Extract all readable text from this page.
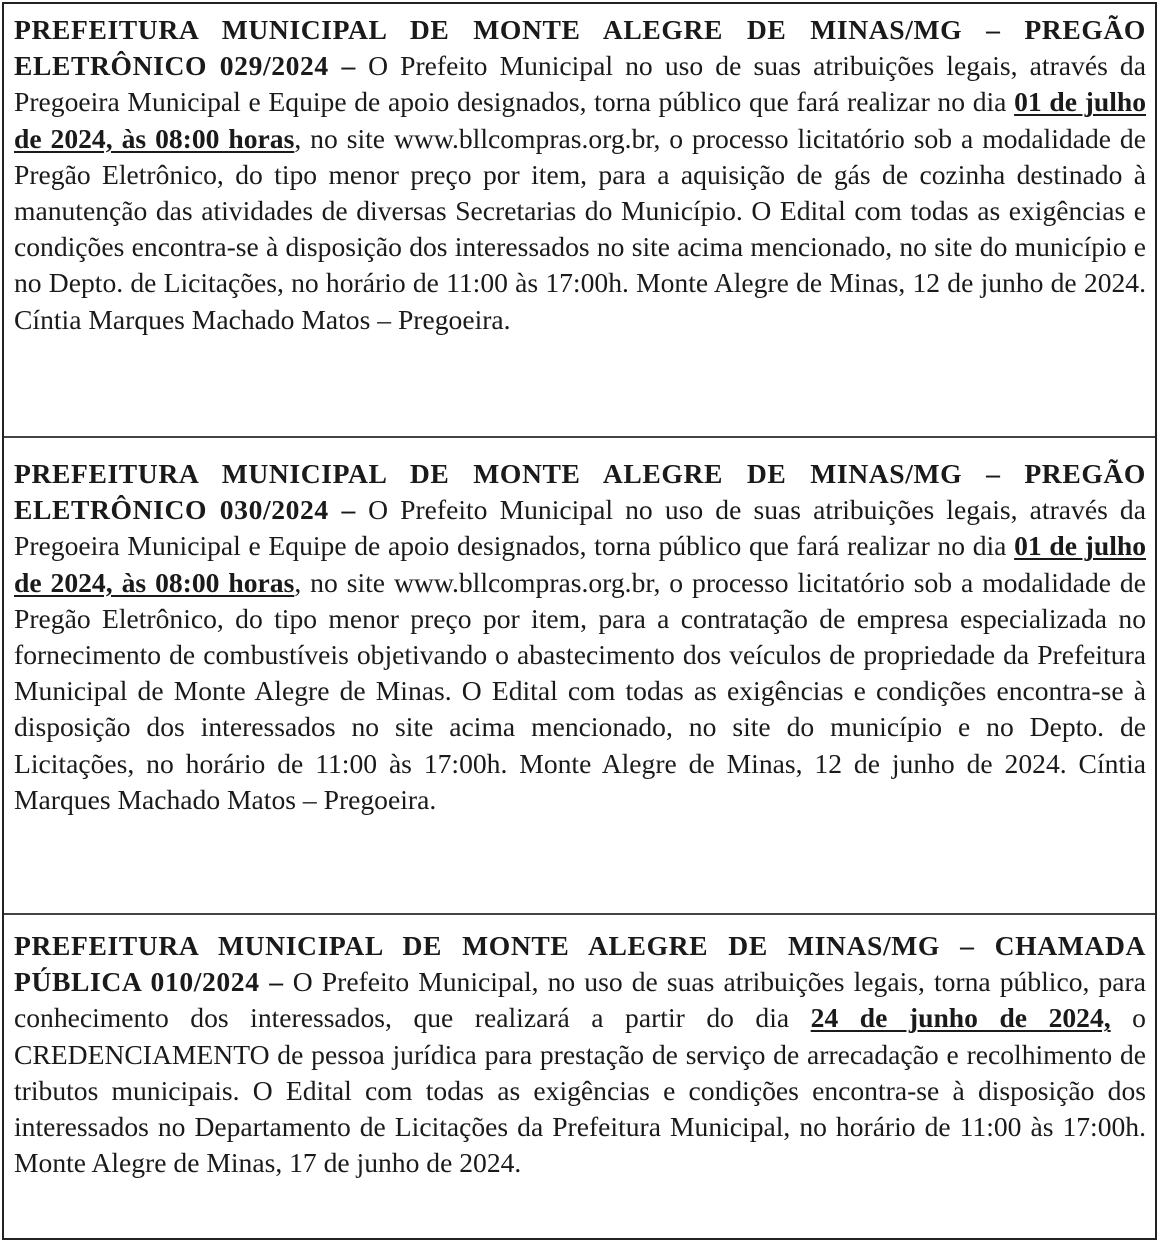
PREFEITURA MUNICIPAL DE MONTE ALEGRE DE MINAS/MG – PREGÃO ELETRÔNICO 029/2024 – O Prefeito Municipal no uso de suas atribuições legais, através da Pregoeira Municipal e Equipe de apoio designados, torna público que fará realizar no dia 01 de julho de 2024, às 08:00 horas, no site www.bllcompras.org.br, o processo licitatório sob a modalidade de Pregão Eletrônico, do tipo menor preço por item, para a aquisição de gás de cozinha destinado à manutenção das atividades de diversas Secretarias do Município. O Edital com todas as exigências e condições encontra-se à disposição dos interessados no site acima mencionado, no site do município e no Depto. de Licitações, no horário de 11:00 às 17:00h. Monte Alegre de Minas, 12 de junho de 2024. Cíntia Marques Machado Matos – Pregoeira.

PREFEITURA MUNICIPAL DE MONTE ALEGRE DE MINAS/MG – PREGÃO ELETRÔNICO 030/2024 – O Prefeito Municipal no uso de suas atribuições legais, através da Pregoeira Municipal e Equipe de apoio designados, torna público que fará realizar no dia 01 de julho de 2024, às 08:00 horas, no site www.bllcompras.org.br, o processo licitatório sob a modalidade de Pregão Eletrônico, do tipo menor preço por item, para a contratação de empresa especializada no fornecimento de combustíveis objetivando o abastecimento dos veículos de propriedade da Prefeitura Municipal de Monte Alegre de Minas. O Edital com todas as exigências e condições encontra-se à disposição dos interessados no site acima mencionado, no site do município e no Depto. de Licitações, no horário de 11:00 às 17:00h. Monte Alegre de Minas, 12 de junho de 2024. Cíntia Marques Machado Matos – Pregoeira.

PREFEITURA MUNICIPAL DE MONTE ALEGRE DE MINAS/MG – CHAMADA PÚBLICA 010/2024 – O Prefeito Municipal, no uso de suas atribuições legais, torna público, para conhecimento dos interessados, que realizará a partir do dia 24 de junho de 2024, o CREDENCIAMENTO de pessoa jurídica para prestação de serviço de arrecadação e recolhimento de tributos municipais. O Edital com todas as exigências e condições encontra-se à disposição dos interessados no Departamento de Licitações da Prefeitura Municipal, no horário de 11:00 às 17:00h. Monte Alegre de Minas, 17 de junho de 2024.
